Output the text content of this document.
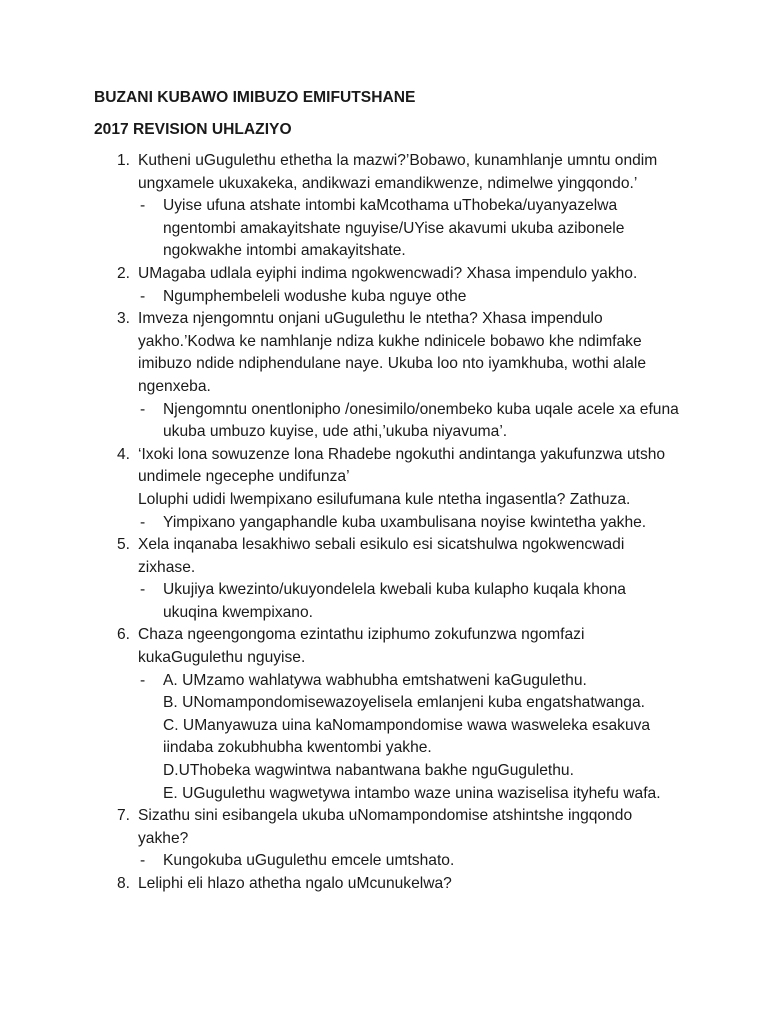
BUZANI KUBAWO IMIBUZO EMIFUTSHANE
2017 REVISION UHLAZIYO
1. Kutheni uGugulethu ethetha la mazwi?’Bobawo, kunamhlanje umntu ondim ungxamele ukuxakeka, andikwazi emandikwenze, ndimelwe yingqondo.’
- Uyise ufuna atshate intombi kaMcothama uThobeka/uyanyazelwa ngentombi amakayitshate nguyise/UYise akavumi ukuba azibonele ngokwakhe intombi amakayitshate.
2. UMagaba udlala eyiphi indima ngokwencwadi? Xhasa impendulo yakho.
- Ngumphembeleli wodushe kuba nguye othe
3. Imveza njengomntu onjani uGugulethu le ntetha? Xhasa impendulo yakho.’Kodwa ke namhlanje ndiza kukhe ndinicele bobawo khe ndimfake imibuzo ndide ndiphendulane naye. Ukuba loo nto iyamkhuba, wothi alale ngenxeba.
- Njengomntu onentlonipho /onesimilo/onembeko kuba uqale acele xa efuna ukuba umbuzo kuyise, ude athi,’ukuba niyavuma’.
4. ‘Ixoki lona sowuzenze lona Rhadebe ngokuthi andintanga yakufunzwa utsho undimele ngecephe undifunza’
Loluphi udidi lwempixano esilufumana kule ntetha ingasentla? Zathuza.
- Yimpixano yangaphandle kuba uxambulisana noyise kwintetha yakhe.
5. Xela inqanaba lesakhiwo sebali esikulo esi sicatshulwa ngokwencwadi zixhase.
- Ukujiya kwezinto/ukuyondelela kwebali kuba kulapho kuqala khona ukuqina kwempixano.
6. Chaza ngeengongoma ezintathu iziphumo zokufunzwa ngomfazi kukaGugulethu nguyise.
- A. UMzamo wahlatywa wabhubha emtshatweni kaGugulethu.
B. UNomampondomisewazoyelisela emlanjeni kuba engatshatwanga.
C. UManyawuza uina kaNomampondomise wawa wasweleka esakuva iindaba zokubhubha kwentombi yakhe.
D.UThobeka wagwintwa nabantwana bakhe nguGugulethu.
E. UGugulethu wagwetywa intambo waze unina waziselisa ityhefu wafa.
7. Sizathu sini esibangela ukuba uNomampondomise atshintshe ingqondo yakhe?
- Kungokuba uGugulethu emcele umtshato.
8. Leliphi eli hlazo athetha ngalo uMcunukelwa?
